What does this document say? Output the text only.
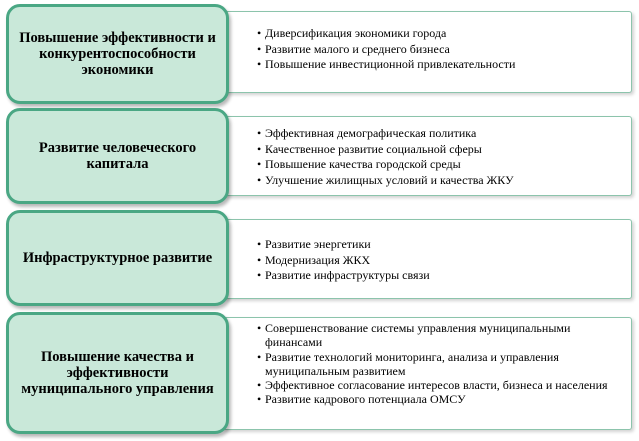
• Диверсификация экономики города
• Развитие малого и среднего бизнеса
• Повышение инвестиционной привлекательности
Повышение эффективности и конкурентоспособности экономики
• Эффективная демографическая политика
• Качественное развитие социальной сферы
• Повышение качества городской среды
• Улучшение жилищных условий и качества ЖКУ
Развитие человеческого капитала
• Развитие энергетики
• Модернизация ЖКХ
• Развитие инфраструктуры связи
Инфраструктурное развитие
• Совершенствование системы управления муниципальными финансами
• Развитие технологий мониторинга, анализа и управления муниципальным развитием
• Эффективное согласование интересов власти, бизнеса и населения
• Развитие кадрового потенциала ОМСУ
Повышение качества и эффективности муниципального управления
